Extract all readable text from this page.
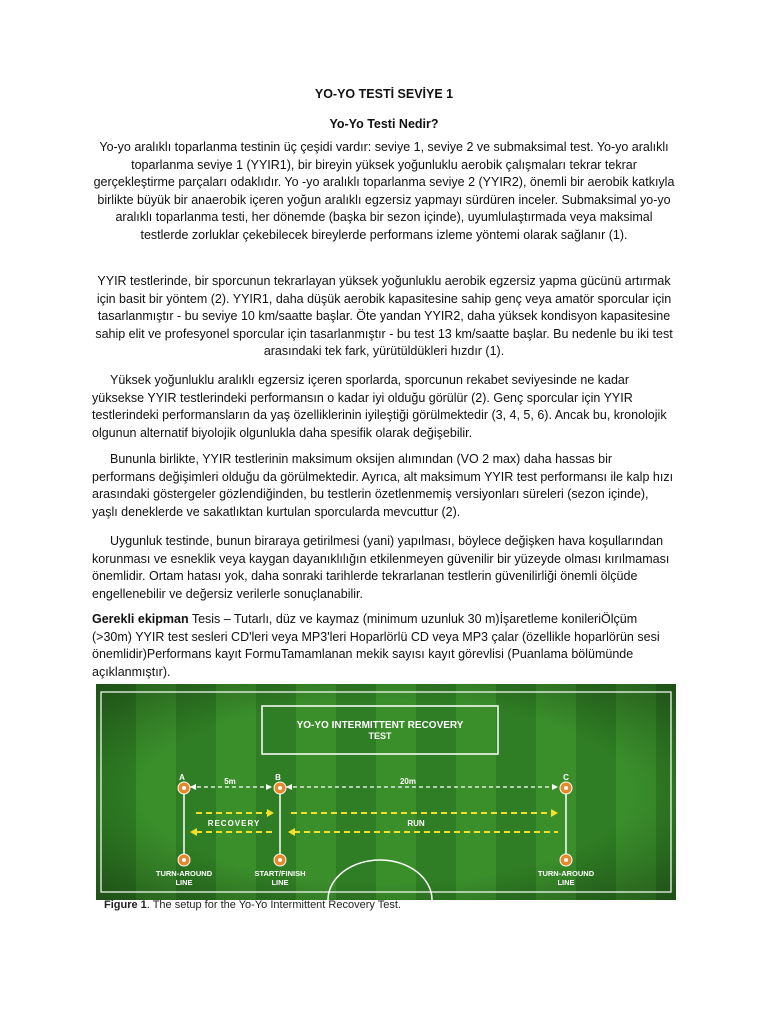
YO-YO TESTİ SEVİYE 1
Yo-Yo Testi Nedir?
Yo-yo aralıklı toparlanma testinin üç çeşidi vardır: seviye 1, seviye 2 ve submaksimal test. Yo-yo aralıklı toparlanma seviye 1 (YYIR1), bir bireyin yüksek yoğunluklu aerobik çalışmaları tekrar tekrar gerçekleştirme parçaları odaklıdır. Yo -yo aralıklı toparlanma seviye 2 (YYIR2), önemli bir aerobik katkıyla birlikte büyük bir anaerobik içeren yoğun aralıklı egzersiz yapmayı sürdüren inceler. Submaksimal yo-yo aralıklı toparlanma testi, her dönemde (başka bir sezon içinde), uyumlulaştırmada veya maksimal testlerde zorluklar çekebilecek bireylerde performans izleme yöntemi olarak sağlanır (1).
YYIR testlerinde, bir sporcunun tekrarlayan yüksek yoğunluklu aerobik egzersiz yapma gücünü artırmak için basit bir yöntem (2). YYIR1, daha düşük aerobik kapasitesine sahip genç veya amatör sporcular için tasarlanmıştır - bu seviye 10 km/saatte başlar. Öte yandan YYIR2, daha yüksek kondisyon kapasitesine sahip elit ve profesyonel sporcular için tasarlanmıştır - bu test 13 km/saatte başlar. Bu nedenle bu iki test arasındaki tek fark, yürütüldükleri hızdır (1).
Yüksek yoğunluklu aralıklı egzersiz içeren sporlarda, sporcunun rekabet seviyesinde ne kadar yüksekse YYIR testlerindeki performansın o kadar iyi olduğu görülür (2). Genç sporcular için YYIR testlerindeki performansların da yaş özelliklerinin iyileştiği görülmektedir (3, 4, 5, 6). Ancak bu, kronolojik olgunun alternatif biyolojik olgunlukla daha spesifik olarak değişebilir.
Bununla birlikte, YYIR testlerinin maksimum oksijen alımından (VO 2 max) daha hassas bir performans değişimleri olduğu da görülmektedir. Ayrıca, alt maksimum YYIR test performansı ile kalp hızı arasındaki göstergeler gözlendiğinden, bu testlerin özetlenmemiş versiyonları süreleri (sezon içinde), yaşlı deneklerde ve sakatlıktan kurtulan sporcularda mevcuttur (2).
Uygunluk testinde, bunun biraraya getirilmesi (yani) yapılması, böylece değişken hava koşullarından korunması ve esneklik veya kaygan dayanıklılığın etkilenmeyen güvenilir bir yüzeyde olması kırılmaması önemlidir. Ortam hatası yok, daha sonraki tarihlerde tekrarlanan testlerin güvenilirliği önemli ölçüde engellenebilir ve değersiz verilerle sonuçlanabilir.
Gerekli ekipman Tesis – Tutarlı, düz ve kaymaz (minimum uzunluk 30 m)İşaretleme konileriÖlçüm (>30m) YYIR test sesleri CD'leri veya MP3'leri Hoparlörlü CD veya MP3 çalar (özellikle hoparlörün sesi önemlidir)Performans kayıt FormuTamamlanan mekik sayısı kayıt görevlisi (Puanlama bölümünde açıklanmıştır).
YO-YO INTERMITTENT RECOVERY
TEST
A	B	C
5m	20m
RECOVERY	RUN
TURN-AROUND
LINE
START/FINISH
LINE
TURN-AROUND
LINE
Figure 1. The setup for the Yo-Yo Intermittent Recovery Test.
